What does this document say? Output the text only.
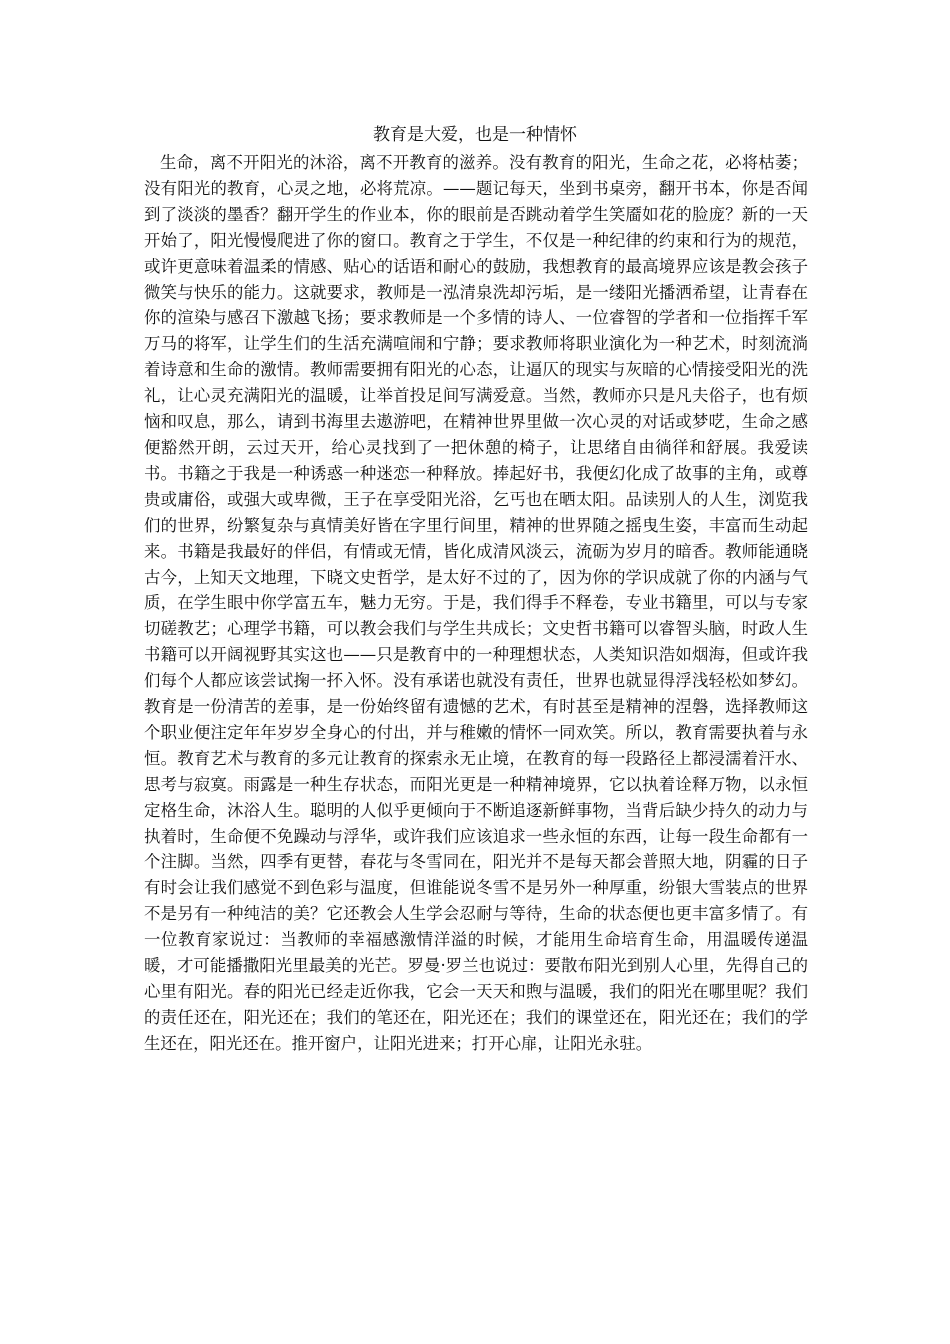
教育是大爱，也是一种情怀

生命，离不开阳光的沐浴，离不开教育的滋养。没有教育的阳光，生命之花，必将枯萎；没有阳光的教育，心灵之地，必将荒凉。——题记每天，坐到书桌旁，翻开书本，你是否闻到了淡淡的墨香？翻开学生的作业本，你的眼前是否跳动着学生笑靥如花的脸庞？新的一天开始了，阳光慢慢爬进了你的窗口。教育之于学生，不仅是一种纪律的约束和行为的规范，或许更意味着温柔的情感、贴心的话语和耐心的鼓励，我想教育的最高境界应该是教会孩子微笑与快乐的能力。这就要求，教师是一泓清泉洗却污垢，是一缕阳光播洒希望，让青春在你的渲染与感召下激越飞扬；要求教师是一个多情的诗人、一位睿智的学者和一位指挥千军万马的将军，让学生们的生活充满喧闹和宁静；要求教师将职业演化为一种艺术，时刻流淌着诗意和生命的激情。教师需要拥有阳光的心态，让逼仄的现实与灰暗的心情接受阳光的洗礼，让心灵充满阳光的温暖，让举首投足间写满爱意。当然，教师亦只是凡夫俗子，也有烦恼和叹息，那么，请到书海里去遨游吧，在精神世界里做一次心灵的对话或梦呓，生命之感便豁然开朗，云过天开，给心灵找到了一把休憩的椅子，让思绪自由徜徉和舒展。我爱读书。书籍之于我是一种诱惑一种迷恋一种释放。捧起好书，我便幻化成了故事的主角，或尊贵或庸俗，或强大或卑微，王子在享受阳光浴，乞丐也在晒太阳。品读别人的人生，浏览我们的世界，纷繁复杂与真情美好皆在字里行间里，精神的世界随之摇曳生姿，丰富而生动起来。书籍是我最好的伴侣，有情或无情，皆化成清风淡云，流砺为岁月的暗香。教师能通晓古今，上知天文地理，下晓文史哲学，是太好不过的了，因为你的学识成就了你的内涵与气质，在学生眼中你学富五车，魅力无穷。于是，我们得手不释卷，专业书籍里，可以与专家切磋教艺；心理学书籍，可以教会我们与学生共成长；文史哲书籍可以睿智头脑，时政人生书籍可以开阔视野其实这也——只是教育中的一种理想状态，人类知识浩如烟海，但或许我们每个人都应该尝试掬一抔入怀。没有承诺也就没有责任，世界也就显得浮浅轻松如梦幻。教育是一份清苦的差事，是一份始终留有遗憾的艺术，有时甚至是精神的涅磐，选择教师这个职业便注定年年岁岁全身心的付出，并与稚嫩的情怀一同欢笑。所以，教育需要执着与永恒。教育艺术与教育的多元让教育的探索永无止境，在教育的每一段路径上都浸濡着汗水、思考与寂寞。雨露是一种生存状态，而阳光更是一种精神境界，它以执着诠释万物，以永恒定格生命，沐浴人生。聪明的人似乎更倾向于不断追逐新鲜事物，当背后缺少持久的动力与执着时，生命便不免躁动与浮华，或许我们应该追求一些永恒的东西，让每一段生命都有一个注脚。当然，四季有更替，春花与冬雪同在，阳光并不是每天都会普照大地，阴霾的日子有时会让我们感觉不到色彩与温度，但谁能说冬雪不是另外一种厚重，纷银大雪装点的世界不是另有一种纯洁的美？它还教会人生学会忍耐与等待，生命的状态便也更丰富多情了。有一位教育家说过：当教师的幸福感激情洋溢的时候，才能用生命培育生命，用温暖传递温暖，才可能播撒阳光里最美的光芒。罗曼·罗兰也说过：要散布阳光到别人心里，先得自己的心里有阳光。春的阳光已经走近你我，它会一天天和煦与温暖，我们的阳光在哪里呢？我们的责任还在，阳光还在；我们的笔还在，阳光还在；我们的课堂还在，阳光还在；我们的学生还在，阳光还在。推开窗户，让阳光进来；打开心扉，让阳光永驻。
